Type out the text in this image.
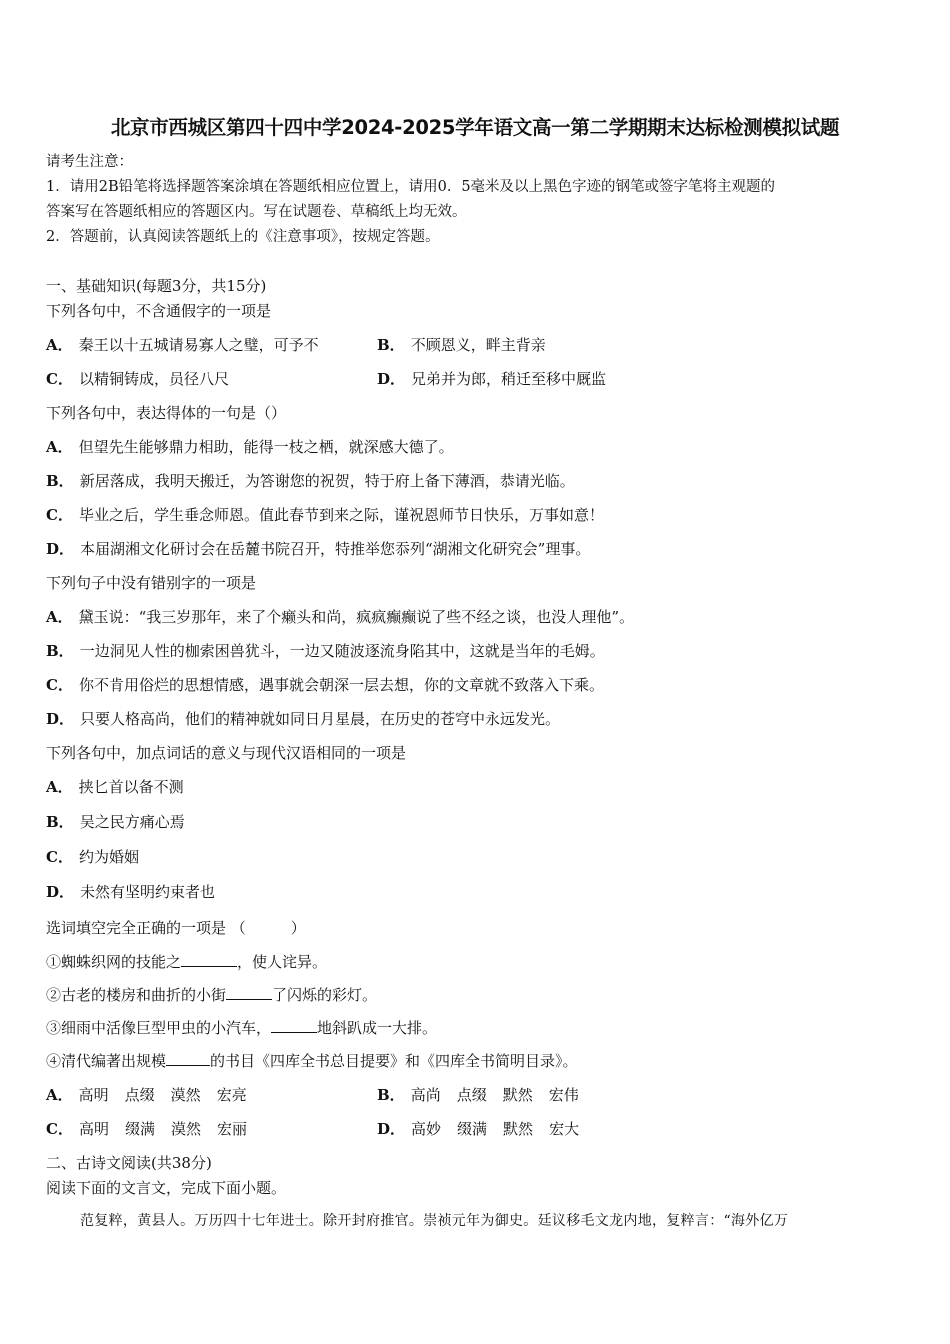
北京市西城区第四十四中学2024-2025学年语文高一第二学期期末达标检测模拟试题
请考生注意：
1．请用2B铅笔将选择题答案涂填在答题纸相应位置上，请用0．5毫米及以上黑色字迹的钢笔或签字笔将主观题的
答案写在答题纸相应的答题区内。写在试题卷、草稿纸上均无效。
2．答题前，认真阅读答题纸上的《注意事项》，按规定答题。
一、基础知识(每题3分，共15分)
下列各句中，不含通假字的一项是
A． 秦王以十五城请易寡人之璧，可予不	B． 不顾恩义，畔主背亲
C． 以精铜铸成，员径八尺	D． 兄弟并为郎，稍迁至移中厩监
下列各句中，表达得体的一句是（）
A． 但望先生能够鼎力相助，能得一枝之栖，就深感大德了。
B． 新居落成，我明天搬迁，为答谢您的祝贺，特于府上备下薄酒，恭请光临。
C． 毕业之后，学生垂念师恩。值此春节到来之际，谨祝恩师节日快乐，万事如意！
D． 本届湖湘文化研讨会在岳麓书院召开，特推举您忝列“湖湘文化研究会”理事。
下列句子中没有错别字的一项是
A． 黛玉说：“我三岁那年，来了个癞头和尚，疯疯癫癫说了些不经之谈，也没人理他”。
B． 一边洞见人性的枷索困兽犹斗，一边又随波逐流身陷其中，这就是当年的毛姆。
C． 你不肯用俗烂的思想情感，遇事就会朝深一层去想，你的文章就不致落入下乘。
D． 只要人格高尚，他们的精神就如同日月星晨，在历史的苍穹中永远发光。
下列各句中，加点词话的意义与现代汉语相同的一项是
A． 挟匕首以备不测
B． 吴之民方痛心焉
C． 约为婚姻
D． 未然有坚明约束者也
选词填空完全正确的一项是 （　　　）
①蜘蛛织网的技能之	，使人诧异。
②古老的楼房和曲折的小街	了闪烁的彩灯。
③细雨中活像巨型甲虫的小汽车，	地斜趴成一大排。
④清代编著出规模	的书目《四库全书总目提要》和《四库全书简明目录》。
A． 高明 点缀 漠然 宏亮	B． 高尚 点缀 默然 宏伟
C． 高明 缀满 漠然 宏丽	D． 高妙 缀满 默然 宏大
二、古诗文阅读(共38分)
阅读下面的文言文，完成下面小题。
范复粹，黄县人。万历四十七年进士。除开封府推官。崇祯元年为御史。廷议移毛文龙内地，复粹言：“海外亿万
